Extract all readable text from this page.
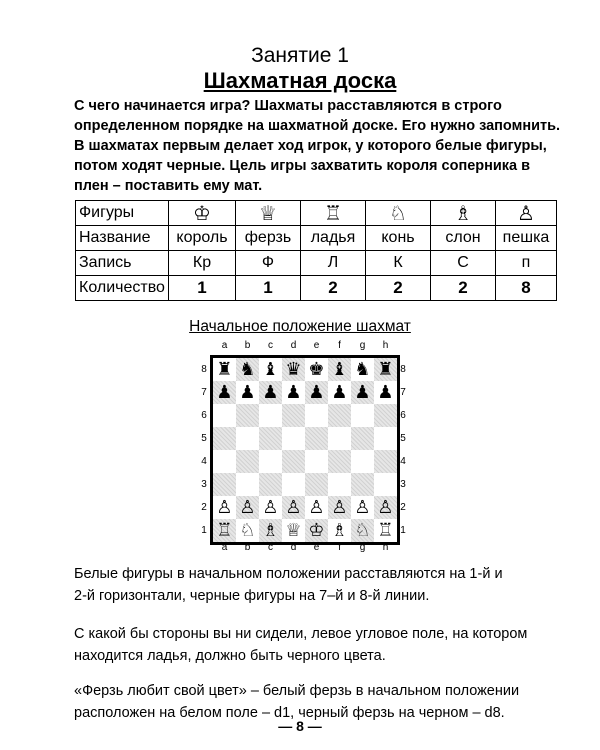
Занятие 1
Шахматная доска

С чего начинается игра? Шахматы расставляются в строго

определенном порядке на шахматной доске. Его нужно запомнить.

В шахматах первым делает ход игрок, у которого белые фигуры,

потом ходят черные. Цель игры захватить короля соперника в

плен – поставить ему мат.

Фигуры	♔	♕	♖	♘	♗	♙
Название	король	ферзь	ладья	конь	слон	пешка
Запись	Кр	Ф	Л	К	С	п
Количество	1	1	2	2	2	8
Начальное положение шахмат
a	b	c	d	e	f	g	h
8
7
6
5
4
3
2
1
♜ ♞ ♝ ♛ ♚ ♝ ♞ ♜
♟ ♟ ♟ ♟ ♟ ♟ ♟ ♟
♙ ♙ ♙ ♙ ♙ ♙ ♙ ♙
♖ ♘ ♗ ♕ ♔ ♗ ♘ ♖
8
7
6
5
4
3
2
1
a	b	c	d	e	f	g	h

Белые фигуры в начальном положении расставляются на 1-й и

2-й горизонтали, черные фигуры на 7–й и 8-й линии.

С какой бы стороны вы ни сидели, левое угловое поле, на котором

находится ладья, должно быть черного цвета.

«Ферзь любит свой цвет» – белый ферзь в начальном положении

расположен на белом поле – d1, черный ферзь на черном – d8.

— 8 —
